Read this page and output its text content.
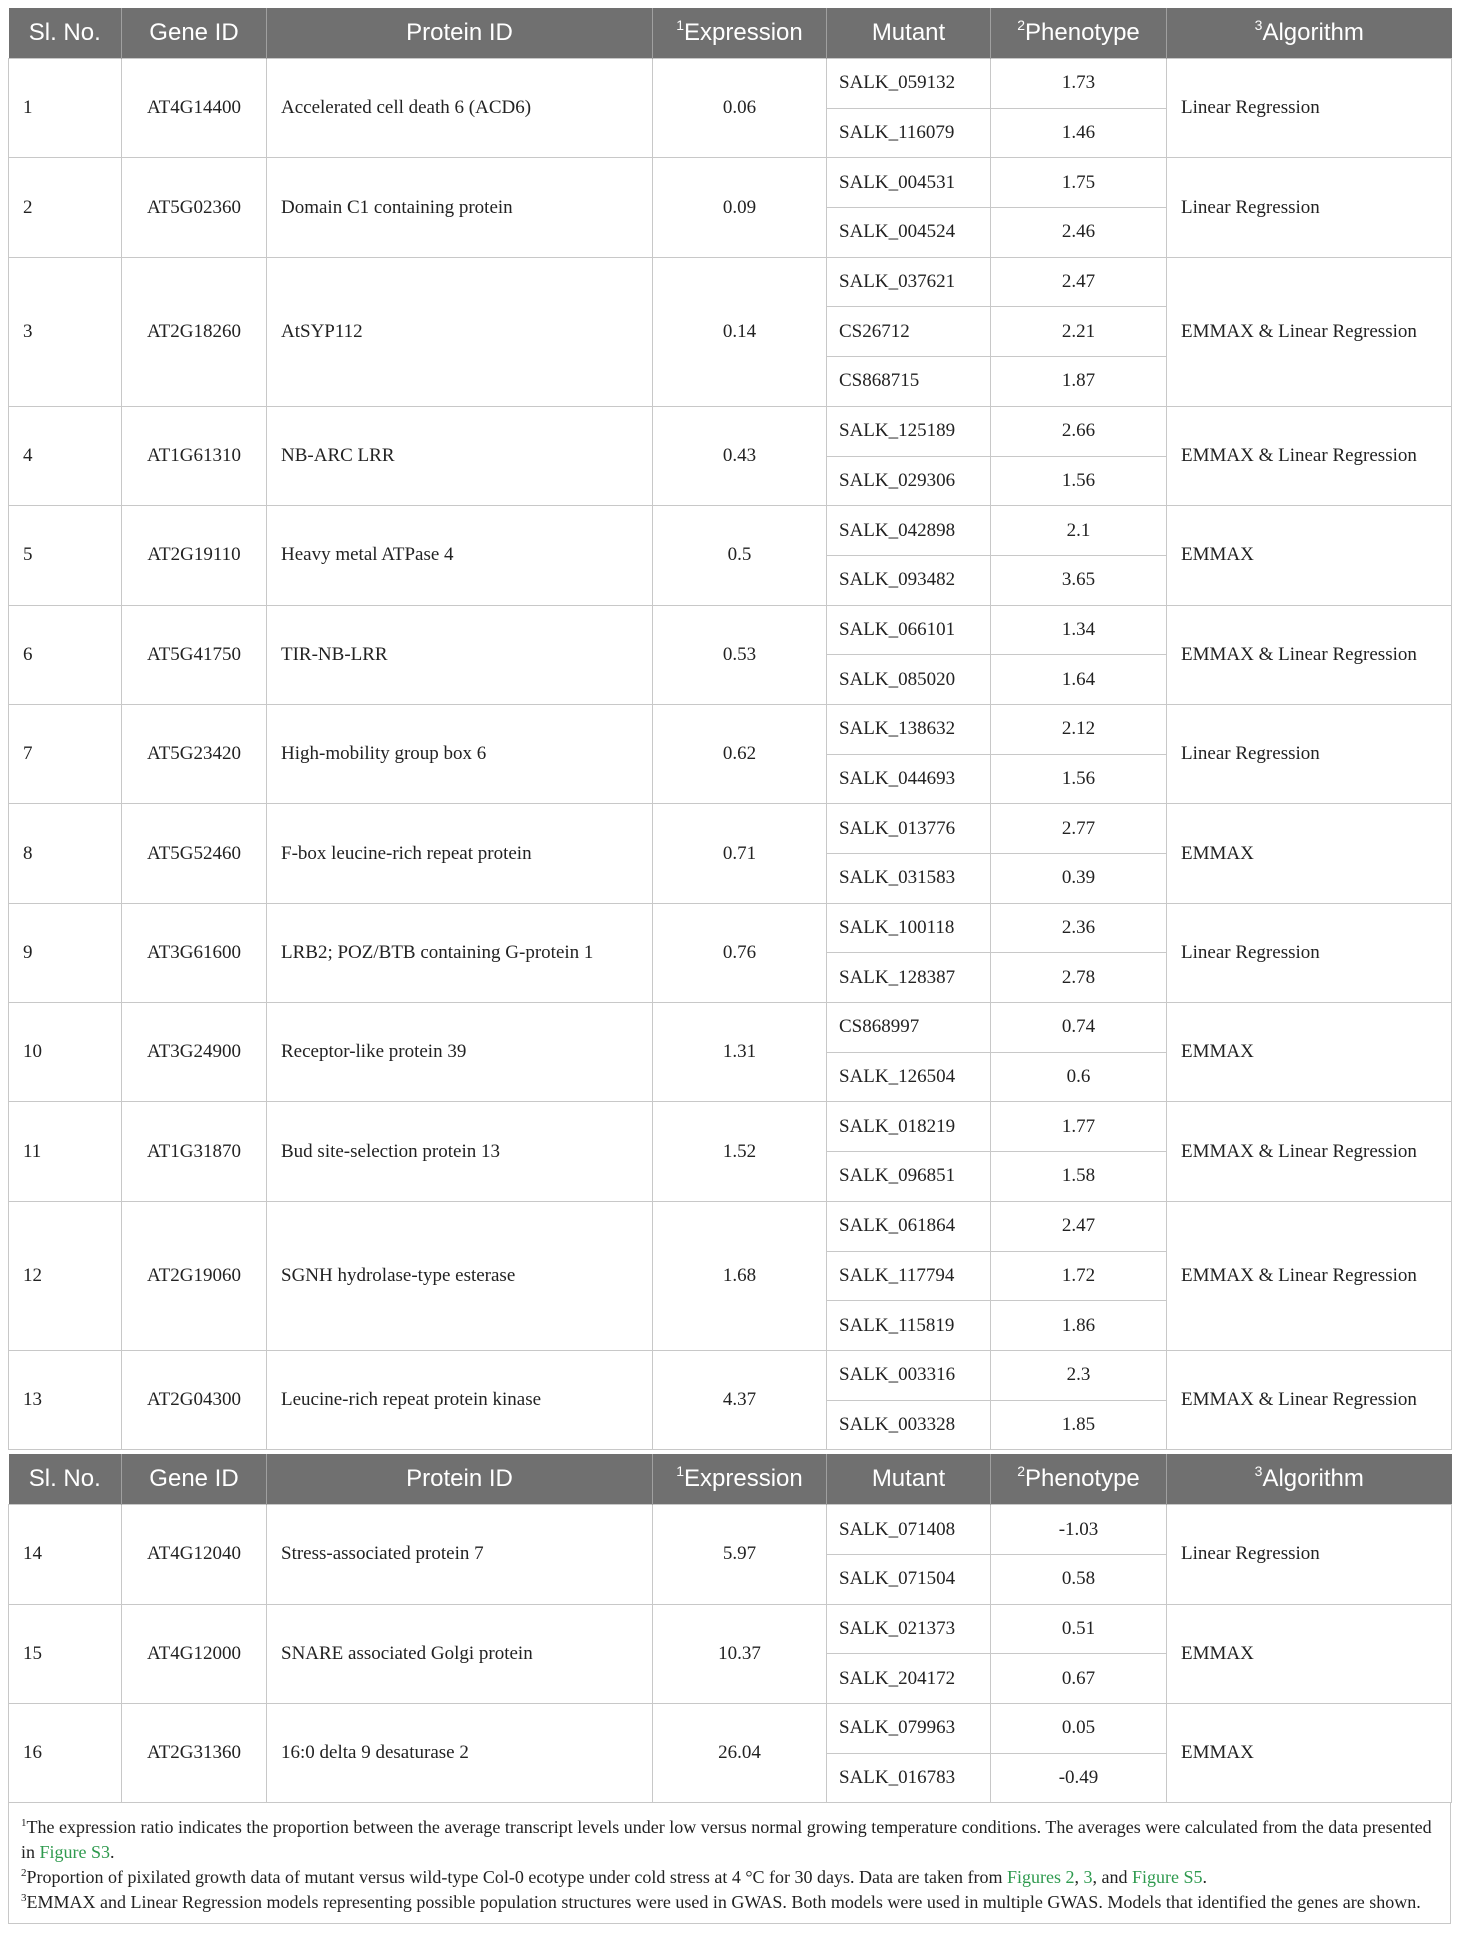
Sl. No.	Gene ID	Protein ID	$^1$Expression	Mutant	$^2$Phenotype	$^3$Algorithm
1	AT4G14400	Accelerated cell death 6 (ACD6)	0.06	SALK_059132	1.73	Linear Regression
				SALK_116079	1.46	
2	AT5G02360	Domain C1 containing protein	0.09	SALK_004531	1.75	Linear Regression
				SALK_004524	2.46	
3	AT2G18260	AtSYP112	0.14	SALK_037621	2.47	EMMAX & Linear Regression
				CS26712	2.21	
				CS868715	1.87	
4	AT1G61310	NB-ARC LRR	0.43	SALK_125189	2.66	EMMAX & Linear Regression
				SALK_029306	1.56	
5	AT2G19110	Heavy metal ATPase 4	0.5	SALK_042898	2.1	EMMAX
				SALK_093482	3.65	
6	AT5G41750	TIR-NB-LRR	0.53	SALK_066101	1.34	EMMAX & Linear Regression
				SALK_085020	1.64	
7	AT5G23420	High-mobility group box 6	0.62	SALK_138632	2.12	Linear Regression
				SALK_044693	1.56	
8	AT5G52460	F-box leucine-rich repeat protein	0.71	SALK_013776	2.77	EMMAX
				SALK_031583	0.39	
9	AT3G61600	LRB2; POZ/BTB containing G-protein 1	0.76	SALK_100118	2.36	Linear Regression
				SALK_128387	2.78	
10	AT3G24900	Receptor-like protein 39	1.31	CS868997	0.74	EMMAX
				SALK_126504	0.6	
11	AT1G31870	Bud site-selection protein 13	1.52	SALK_018219	1.77	EMMAX & Linear Regression
				SALK_096851	1.58	
12	AT2G19060	SGNH hydrolase-type esterase	1.68	SALK_061864	2.47	EMMAX & Linear Regression
				SALK_117794	1.72	
				SALK_115819	1.86	
13	AT2G04300	Leucine-rich repeat protein kinase	4.37	SALK_003316	2.3	EMMAX & Linear Regression
				SALK_003328	1.85	
Sl. No.	Gene ID	Protein ID	$^1$Expression	Mutant	$^2$Phenotype	$^3$Algorithm
14	AT4G12040	Stress-associated protein 7	5.97	SALK_071408	-1.03	Linear Regression
				SALK_071504	0.58	
15	AT4G12000	SNARE associated Golgi protein	10.37	SALK_021373	0.51	EMMAX
				SALK_204172	0.67	
16	AT2G31360	16:0 delta 9 desaturase 2	26.04	SALK_079963	0.05	EMMAX
				SALK_016783	-0.49	

$^1$The expression ratio indicates the proportion between the average transcript levels under low versus normal growing temperature conditions. The averages were calculated from the data presented in Figure S3.

$^2$Proportion of pixilated growth data of mutant versus wild-type Col-0 ecotype under cold stress at 4 °C for 30 days. Data are taken from Figures 2, 3, and Figure S5.

$^3$EMMAX and Linear Regression models representing possible population structures were used in GWAS. Both models were used in multiple GWAS. Models that identified the genes are shown.
